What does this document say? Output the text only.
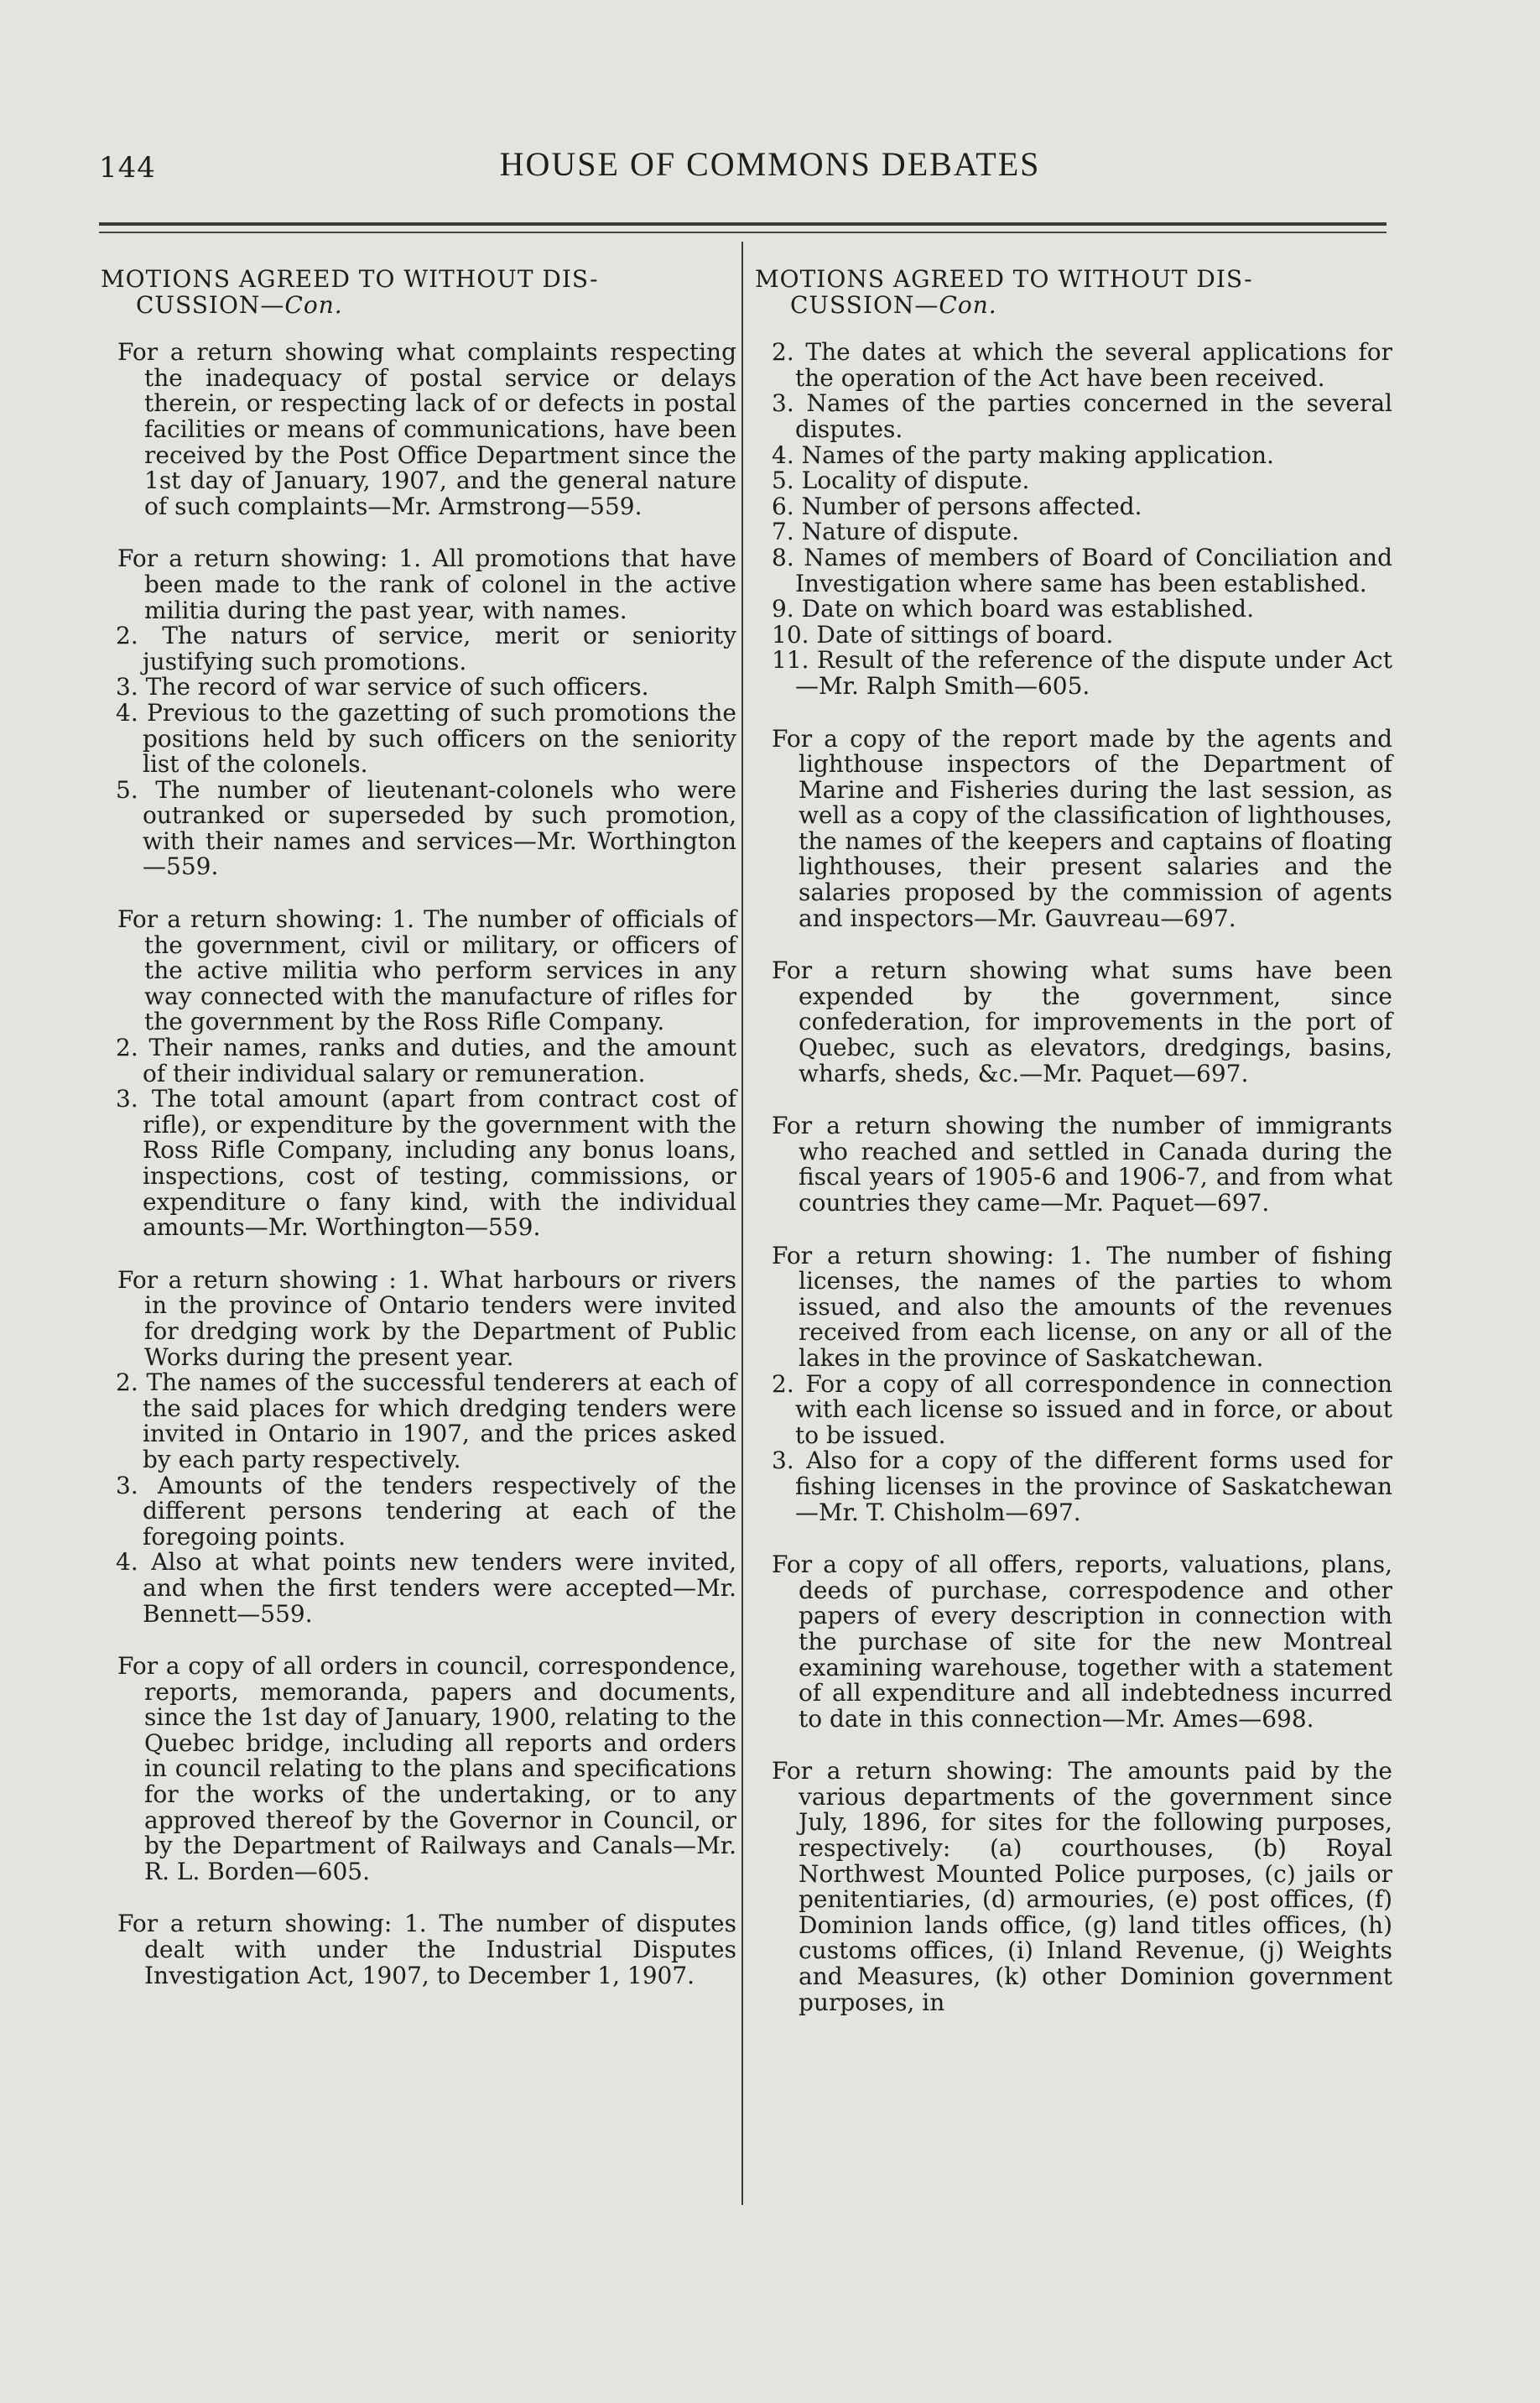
144	HOUSE OF COMMONS DEBATES
MOTIONS AGREED TO WITHOUT DIS-
CUSSION—Con.

For a return showing what complaints respecting the inadequacy of postal service or delays therein, or respecting lack of or defects in postal facilities or means of communications, have been received by the Post Office Department since the 1st day of January, 1907, and the general nature of such complaints—Mr. Armstrong—559.

For a return showing: 1. All promotions that have been made to the rank of colonel in the active militia during the past year, with names.

2. The naturs of service, merit or seniority justifying such promotions.

3. The record of war service of such officers.

4. Previous to the gazetting of such promotions the positions held by such officers on the seniority list of the colonels.

5. The number of lieutenant-colonels who were outranked or superseded by such promotion, with their names and services—Mr. Worthington—559.

For a return showing: 1. The number of officials of the government, civil or military, or officers of the active militia who perform services in any way connected with the manufacture of rifles for the government by the Ross Rifle Company.

2. Their names, ranks and duties, and the amount of their individual salary or remuneration.

3. The total amount (apart from contract cost of rifle), or expenditure by the government with the Ross Rifle Company, including any bonus loans, inspections, cost of testing, commissions, or expenditure o fany kind, with the individual amounts—Mr. Worthington—559.

For a return showing : 1. What harbours or rivers in the province of Ontario tenders were invited for dredging work by the Department of Public Works during the present year.

2. The names of the successful tenderers at each of the said places for which dredging tenders were invited in Ontario in 1907, and the prices asked by each party respectively.

3. Amounts of the tenders respectively of the different persons tendering at each of the foregoing points.

4. Also at what points new tenders were invited, and when the first tenders were accepted—Mr. Bennett—559.

For a copy of all orders in council, correspondence, reports, memoranda, papers and documents, since the 1st day of January, 1900, relating to the Quebec bridge, including all reports and orders in council relating to the plans and specifications for the works of the undertaking, or to any approved thereof by the Governor in Council, or by the Department of Railways and Canals—Mr. R. L. Borden—605.

For a return showing: 1. The number of disputes dealt with under the Industrial Disputes Investigation Act, 1907, to December 1, 1907.

MOTIONS AGREED TO WITHOUT DIS-
CUSSION—Con.

2. The dates at which the several applications for the operation of the Act have been received.

3. Names of the parties concerned in the several disputes.

4. Names of the party making application.

5. Locality of dispute.

6. Number of persons affected.

7. Nature of dispute.

8. Names of members of Board of Conciliation and Investigation where same has been established.

9. Date on which board was established.

10. Date of sittings of board.

11. Result of the reference of the dispute under Act—Mr. Ralph Smith—605.

For a copy of the report made by the agents and lighthouse inspectors of the Department of Marine and Fisheries during the last session, as well as a copy of the classification of lighthouses, the names of the keepers and captains of floating lighthouses, their present salaries and the salaries proposed by the commission of agents and inspectors—Mr. Gauvreau—697.

For a return showing what sums have been expended by the government, since confederation, for improvements in the port of Quebec, such as elevators, dredgings, basins, wharfs, sheds, &c.—Mr. Paquet—697.

For a return showing the number of immigrants who reached and settled in Canada during the fiscal years of 1905-6 and 1906-7, and from what countries they came—Mr. Paquet—697.

For a return showing: 1. The number of fishing licenses, the names of the parties to whom issued, and also the amounts of the revenues received from each license, on any or all of the lakes in the province of Saskatchewan.

2. For a copy of all correspondence in connection with each license so issued and in force, or about to be issued.

3. Also for a copy of the different forms used for fishing licenses in the province of Saskatchewan—Mr. T. Chisholm—697.

For a copy of all offers, reports, valuations, plans, deeds of purchase, correspodence and other papers of every description in connection with the purchase of site for the new Montreal examining warehouse, together with a statement of all expenditure and all indebtedness incurred to date in this connection—Mr. Ames—698.

For a return showing: The amounts paid by the various departments of the government since July, 1896, for sites for the following purposes, respectively: (a) courthouses, (b) Royal Northwest Mounted Police purposes, (c) jails or penitentiaries, (d) armouries, (e) post offices, (f) Dominion lands office, (g) land titles offices, (h) customs offices, (i) Inland Revenue, (j) Weights and Measures, (k) other Dominion government purposes, in
